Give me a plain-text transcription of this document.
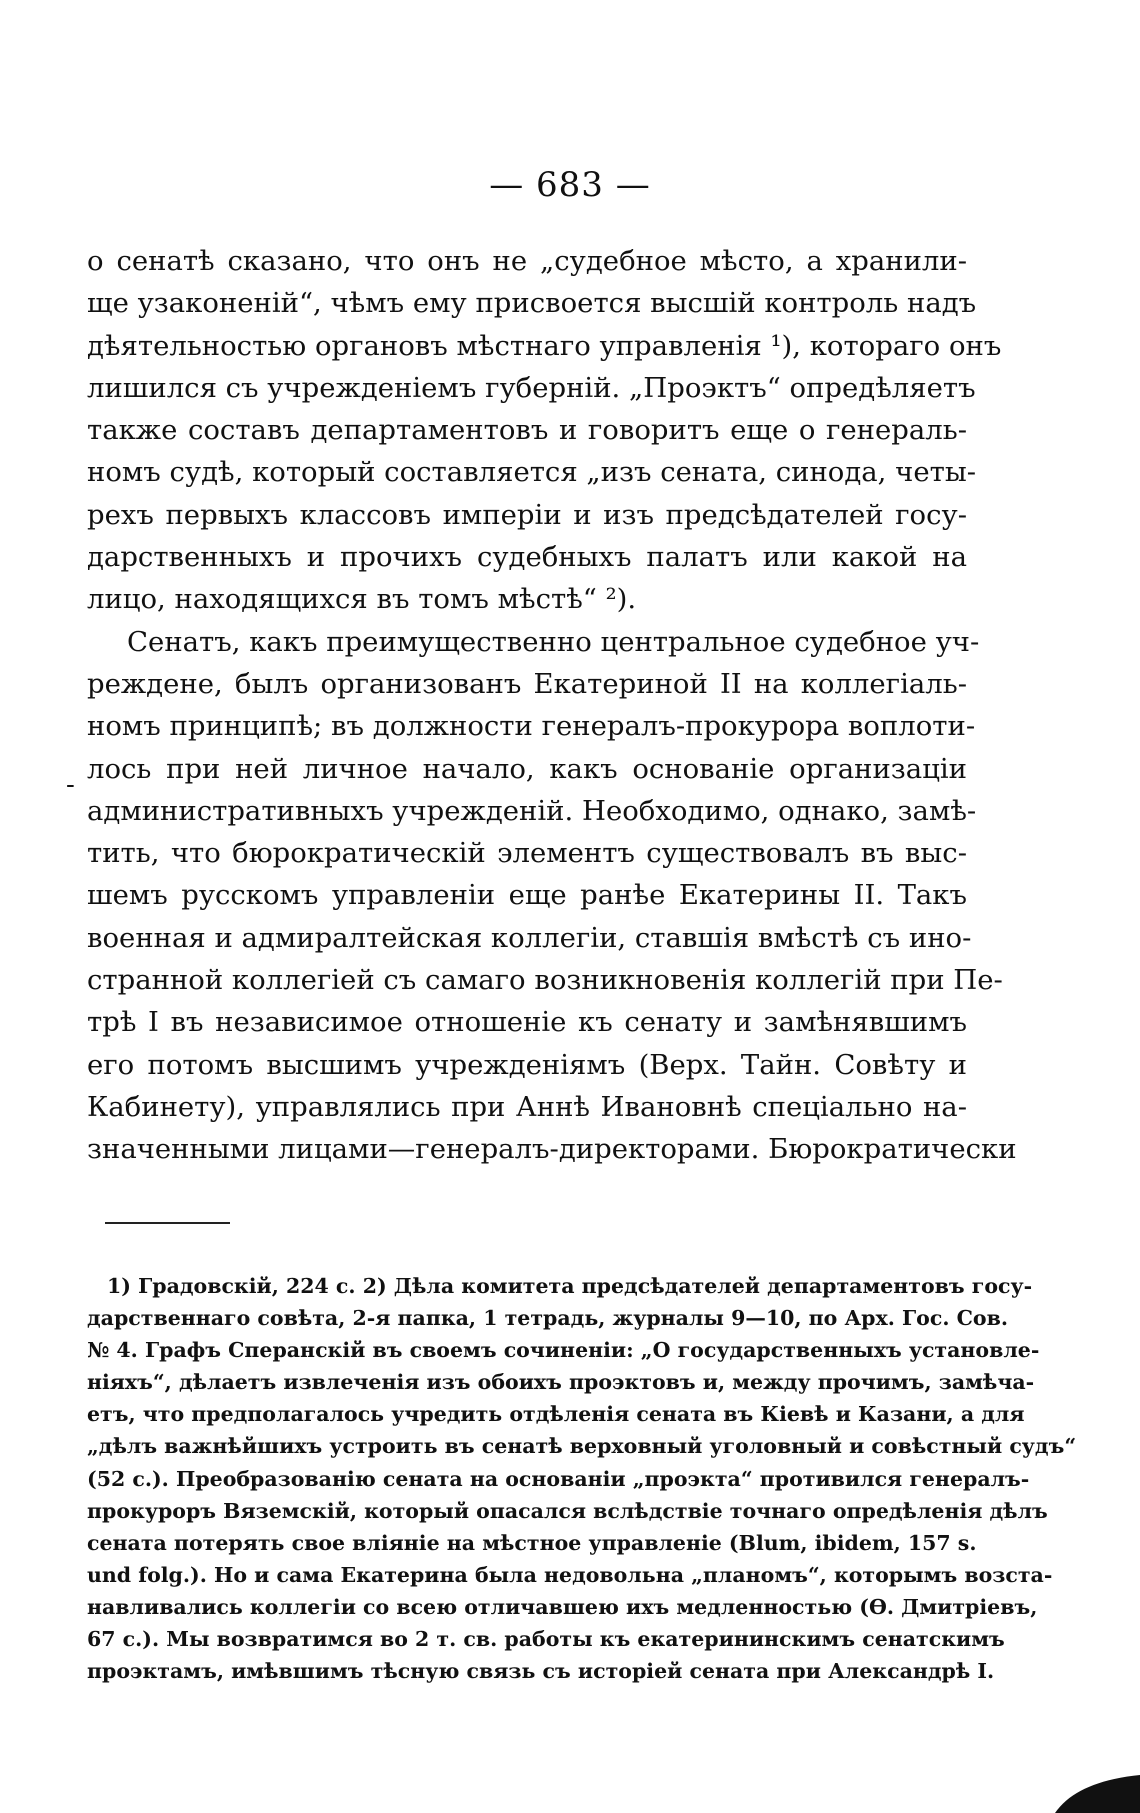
— 683 —
о сенатѣ сказано, что онъ не „судебное мѣсто, а хранили-
ще узаконеній“, чѣмъ ему присвоется высшій контроль надъ
дѣятельностью органовъ мѣстнаго управленія ¹), котораго онъ
лишился съ учрежденіемъ губерній. „Проэктъ“ опредѣляетъ
также составъ департаментовъ и говоритъ еще о генераль-
номъ судѣ, который составляется „изъ сената, синода, четы-
рехъ первыхъ классовъ имперіи и изъ предсѣдателей госу-
дарственныхъ и прочихъ судебныхъ палатъ или какой на
лицо, находящихся въ томъ мѣстѣ“ ²).
Сенатъ, какъ преимущественно центральное судебное уч-
реждене, былъ организованъ Екатериной II на коллегіаль-
номъ принципѣ; въ должности генералъ-прокурора воплоти-
лось при ней личное начало, какъ основаніе организаціи
административныхъ учрежденій. Необходимо, однако, замѣ-
тить, что бюрократическій элементъ существовалъ въ выс-
шемъ русскомъ управленіи еще ранѣе Екатерины II. Такъ
военная и адмиралтейская коллегіи, ставшія вмѣстѣ съ ино-
странной коллегіей съ самаго возникновенія коллегій при Пе-
трѣ I въ независимое отношеніе къ сенату и замѣнявшимъ
его потомъ высшимъ учрежденіямъ (Верх. Тайн. Совѣту и
Кабинету), управлялись при Аннѣ Ивановнѣ спеціально на-
значенными лицами—генералъ-директорами. Бюрократически
-
1) Градовскій, 224 с. 2) Дѣла комитета предсѣдателей департаментовъ госу-
дарственнаго совѣта, 2-я папка, 1 тетрадь, журналы 9—10, по Арх. Гос. Сов.
№ 4. Графъ Сперанскій въ своемъ сочиненіи: „О государственныхъ установле-
ніяхъ“, дѣлаетъ извлеченія изъ обоихъ проэктовъ и, между прочимъ, замѣча-
етъ, что предполагалось учредить отдѣленія сената въ Кіевѣ и Казани, а для
„дѣлъ важнѣйшихъ устроить въ сенатѣ верховный уголовный и совѣстный судъ“
(52 с.). Преобразованію сената на основаніи „проэкта“ противился генералъ-
прокуроръ Вяземскій, который опасался вслѣдствіе точнаго опредѣленія дѣлъ
сената потерять свое вліяніе на мѣстное управленіе (Blum, ibidem, 157 s.
und folg.). Но и сама Екатерина была недовольна „планомъ“, которымъ возста-
навливались коллегіи со всею отличавшею ихъ медленностью (Ѳ. Дмитріевъ,
67 с.). Мы возвратимся во 2 т. св. работы къ екатерининскимъ сенатскимъ
проэктамъ, имѣвшимъ тѣсную связь съ исторіей сената при Александрѣ I.
